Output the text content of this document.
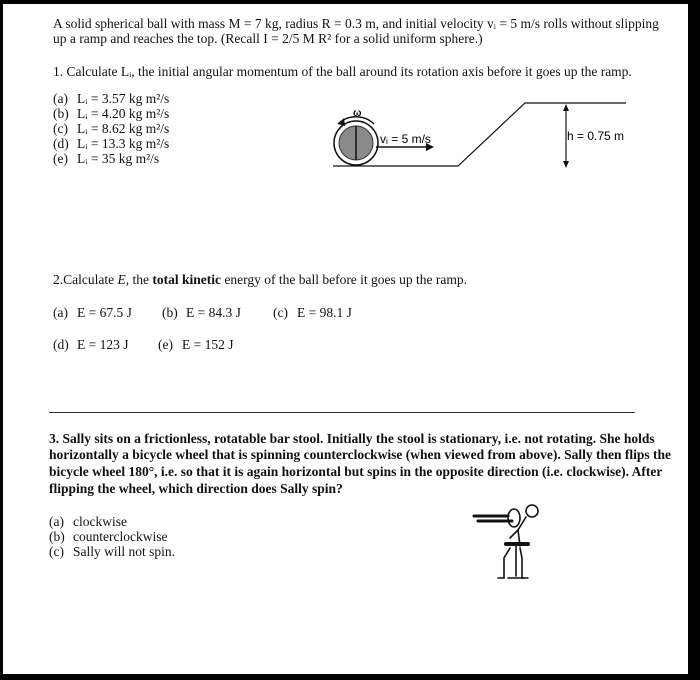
A solid spherical ball with mass M = 7 kg, radius R = 0.3 m, and initial velocity vᵢ = 5 m/s rolls without slipping
up a ramp and reaches the top. (Recall I = 2/5 M R² for a solid uniform sphere.)
1. Calculate Lᵢ, the initial angular momentum of the ball around its rotation axis before it goes up the ramp.
(a) Lᵢ = 3.57 kg m²/s
(b) Lᵢ = 4.20 kg m²/s
(c) Lᵢ = 8.62 kg m²/s
(d) Lᵢ = 13.3 kg m²/s
(e) Lᵢ = 35 kg m²/s
ω
vᵢ = 5 m/s	h = 0.75 m
2.Calculate E, the total kinetic energy of the ball before it goes up the ramp.
(a) E = 67.5 J (b) E = 84.3 J (c) E = 98.1 J
(d) E = 123 J (e) E = 152 J
3. Sally sits on a frictionless, rotatable bar stool. Initially the stool is stationary, i.e. not rotating. She holds
horizontally a bicycle wheel that is spinning counterclockwise (when viewed from above). Sally then flips the
bicycle wheel 180°, i.e. so that it is again horizontal but spins in the opposite direction (i.e. clockwise). After
flipping the wheel, which direction does Sally spin?
(a) clockwise
(b) counterclockwise
(c) Sally will not spin.
